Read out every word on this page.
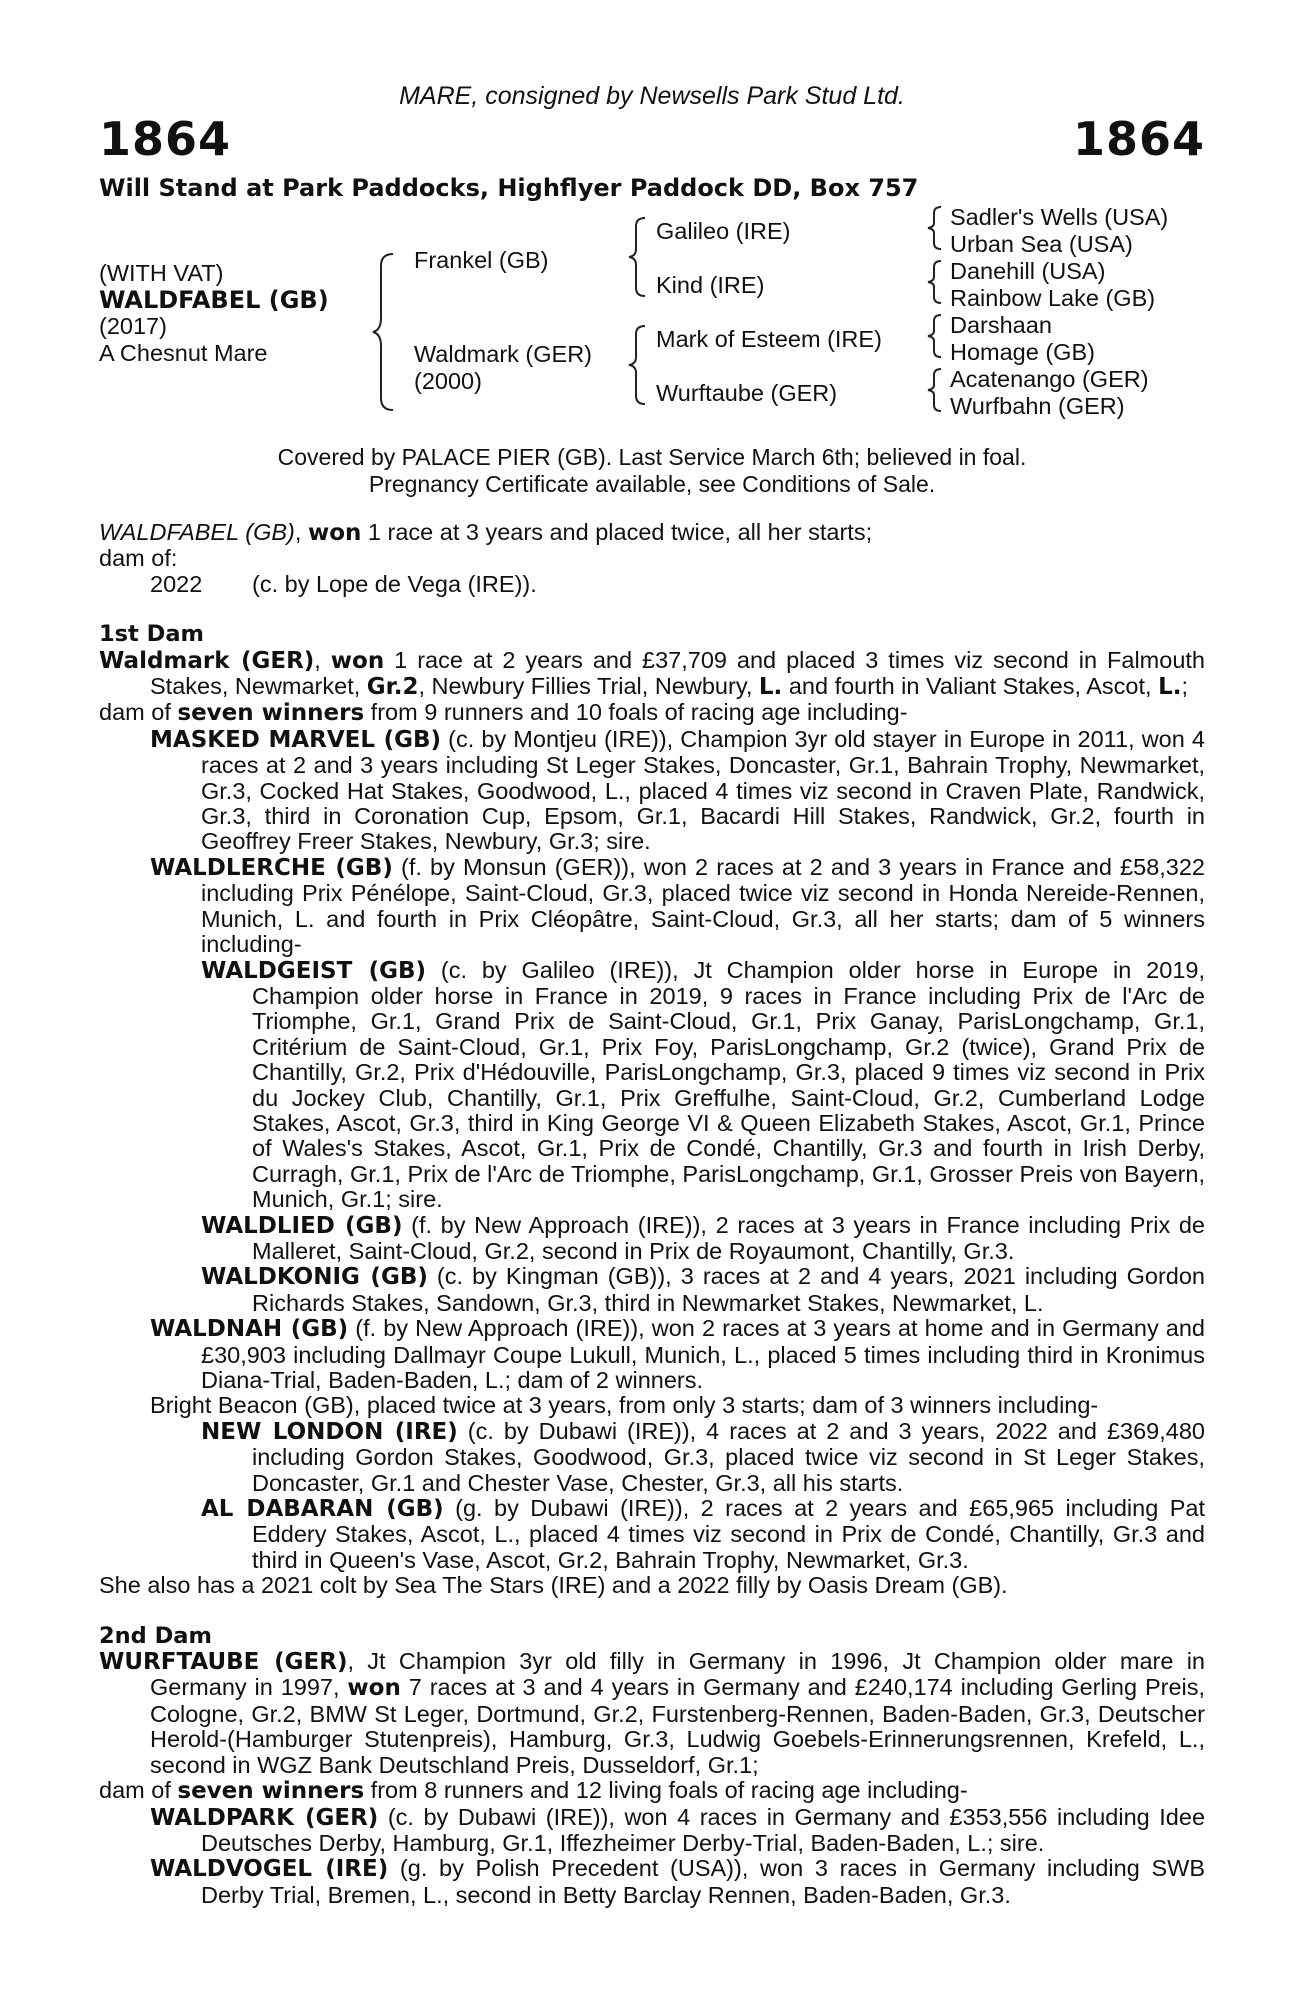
MARE, consigned by Newsells Park Stud Ltd.
1864	1864
Will Stand at Park Paddocks, Highflyer Paddock DD, Box 757
(WITH VAT)
WALDFABEL (GB)
(2017)
A Chesnut Mare
Frankel (GB)
Waldmark (GER)
(2000)
Galileo (IRE)
Kind (IRE)
Mark of Esteem (IRE)
Wurftaube (GER)
Sadler's Wells (USA)
Urban Sea (USA)
Danehill (USA)
Rainbow Lake (GB)
Darshaan
Homage (GB)
Acatenango (GER)
Wurfbahn (GER)
Covered by PALACE PIER (GB). Last Service March 6th; believed in foal.
Pregnancy Certificate available, see Conditions of Sale.

WALDFABEL (GB), won 1 race at 3 years and placed twice, all her starts;

dam of:

2022 (c. by Lope de Vega (IRE)).

1st Dam

Waldmark (GER), won 1 race at 2 years and £37,709 and placed 3 times viz second in Falmouth Stakes, Newmarket, Gr.2, Newbury Fillies Trial, Newbury, L. and fourth in Valiant Stakes, Ascot, L.;

dam of seven winners from 9 runners and 10 foals of racing age including-

MASKED MARVEL (GB) (c. by Montjeu (IRE)), Champion 3yr old stayer in Europe in 2011, won 4 races at 2 and 3 years including St Leger Stakes, Doncaster, Gr.1, Bahrain Trophy, Newmarket, Gr.3, Cocked Hat Stakes, Goodwood, L., placed 4 times viz second in Craven Plate, Randwick, Gr.3, third in Coronation Cup, Epsom, Gr.1, Bacardi Hill Stakes, Randwick, Gr.2, fourth in Geoffrey Freer Stakes, Newbury, Gr.3; sire.

WALDLERCHE (GB) (f. by Monsun (GER)), won 2 races at 2 and 3 years in France and £58,322 including Prix Pénélope, Saint-Cloud, Gr.3, placed twice viz second in Honda Nereide-Rennen, Munich, L. and fourth in Prix Cléopâtre, Saint-Cloud, Gr.3, all her starts; dam of 5 winners including-

WALDGEIST (GB) (c. by Galileo (IRE)), Jt Champion older horse in Europe in 2019, Champion older horse in France in 2019, 9 races in France including Prix de l'Arc de Triomphe, Gr.1, Grand Prix de Saint-Cloud, Gr.1, Prix Ganay, ParisLongchamp, Gr.1, Critérium de Saint-Cloud, Gr.1, Prix Foy, ParisLongchamp, Gr.2 (twice), Grand Prix de Chantilly, Gr.2, Prix d'Hédouville, ParisLongchamp, Gr.3, placed 9 times viz second in Prix du Jockey Club, Chantilly, Gr.1, Prix Greffulhe, Saint-Cloud, Gr.2, Cumberland Lodge Stakes, Ascot, Gr.3, third in King George VI & Queen Elizabeth Stakes, Ascot, Gr.1, Prince of Wales's Stakes, Ascot, Gr.1, Prix de Condé, Chantilly, Gr.3 and fourth in Irish Derby, Curragh, Gr.1, Prix de l'Arc de Triomphe, ParisLongchamp, Gr.1, Grosser Preis von Bayern, Munich, Gr.1; sire.

WALDLIED (GB) (f. by New Approach (IRE)), 2 races at 3 years in France including Prix de Malleret, Saint-Cloud, Gr.2, second in Prix de Royaumont, Chantilly, Gr.3.

WALDKONIG (GB) (c. by Kingman (GB)), 3 races at 2 and 4 years, 2021 including Gordon Richards Stakes, Sandown, Gr.3, third in Newmarket Stakes, Newmarket, L.

WALDNAH (GB) (f. by New Approach (IRE)), won 2 races at 3 years at home and in Germany and £30,903 including Dallmayr Coupe Lukull, Munich, L., placed 5 times including third in Kronimus Diana-Trial, Baden-Baden, L.; dam of 2 winners.

Bright Beacon (GB), placed twice at 3 years, from only 3 starts; dam of 3 winners including-

NEW LONDON (IRE) (c. by Dubawi (IRE)), 4 races at 2 and 3 years, 2022 and £369,480 including Gordon Stakes, Goodwood, Gr.3, placed twice viz second in St Leger Stakes, Doncaster, Gr.1 and Chester Vase, Chester, Gr.3, all his starts.

AL DABARAN (GB) (g. by Dubawi (IRE)), 2 races at 2 years and £65,965 including Pat Eddery Stakes, Ascot, L., placed 4 times viz second in Prix de Condé, Chantilly, Gr.3 and third in Queen's Vase, Ascot, Gr.2, Bahrain Trophy, Newmarket, Gr.3.

She also has a 2021 colt by Sea The Stars (IRE) and a 2022 filly by Oasis Dream (GB).

2nd Dam

WURFTAUBE (GER), Jt Champion 3yr old filly in Germany in 1996, Jt Champion older mare in Germany in 1997, won 7 races at 3 and 4 years in Germany and £240,174 including Gerling Preis, Cologne, Gr.2, BMW St Leger, Dortmund, Gr.2, Furstenberg-Rennen, Baden-Baden, Gr.3, Deutscher Herold-(Hamburger Stutenpreis), Hamburg, Gr.3, Ludwig Goebels-Erinnerungsrennen, Krefeld, L., second in WGZ Bank Deutschland Preis, Dusseldorf, Gr.1;

dam of seven winners from 8 runners and 12 living foals of racing age including-

WALDPARK (GER) (c. by Dubawi (IRE)), won 4 races in Germany and £353,556 including Idee Deutsches Derby, Hamburg, Gr.1, Iffezheimer Derby-Trial, Baden-Baden, L.; sire.

WALDVOGEL (IRE) (g. by Polish Precedent (USA)), won 3 races in Germany including SWB Derby Trial, Bremen, L., second in Betty Barclay Rennen, Baden-Baden, Gr.3.
